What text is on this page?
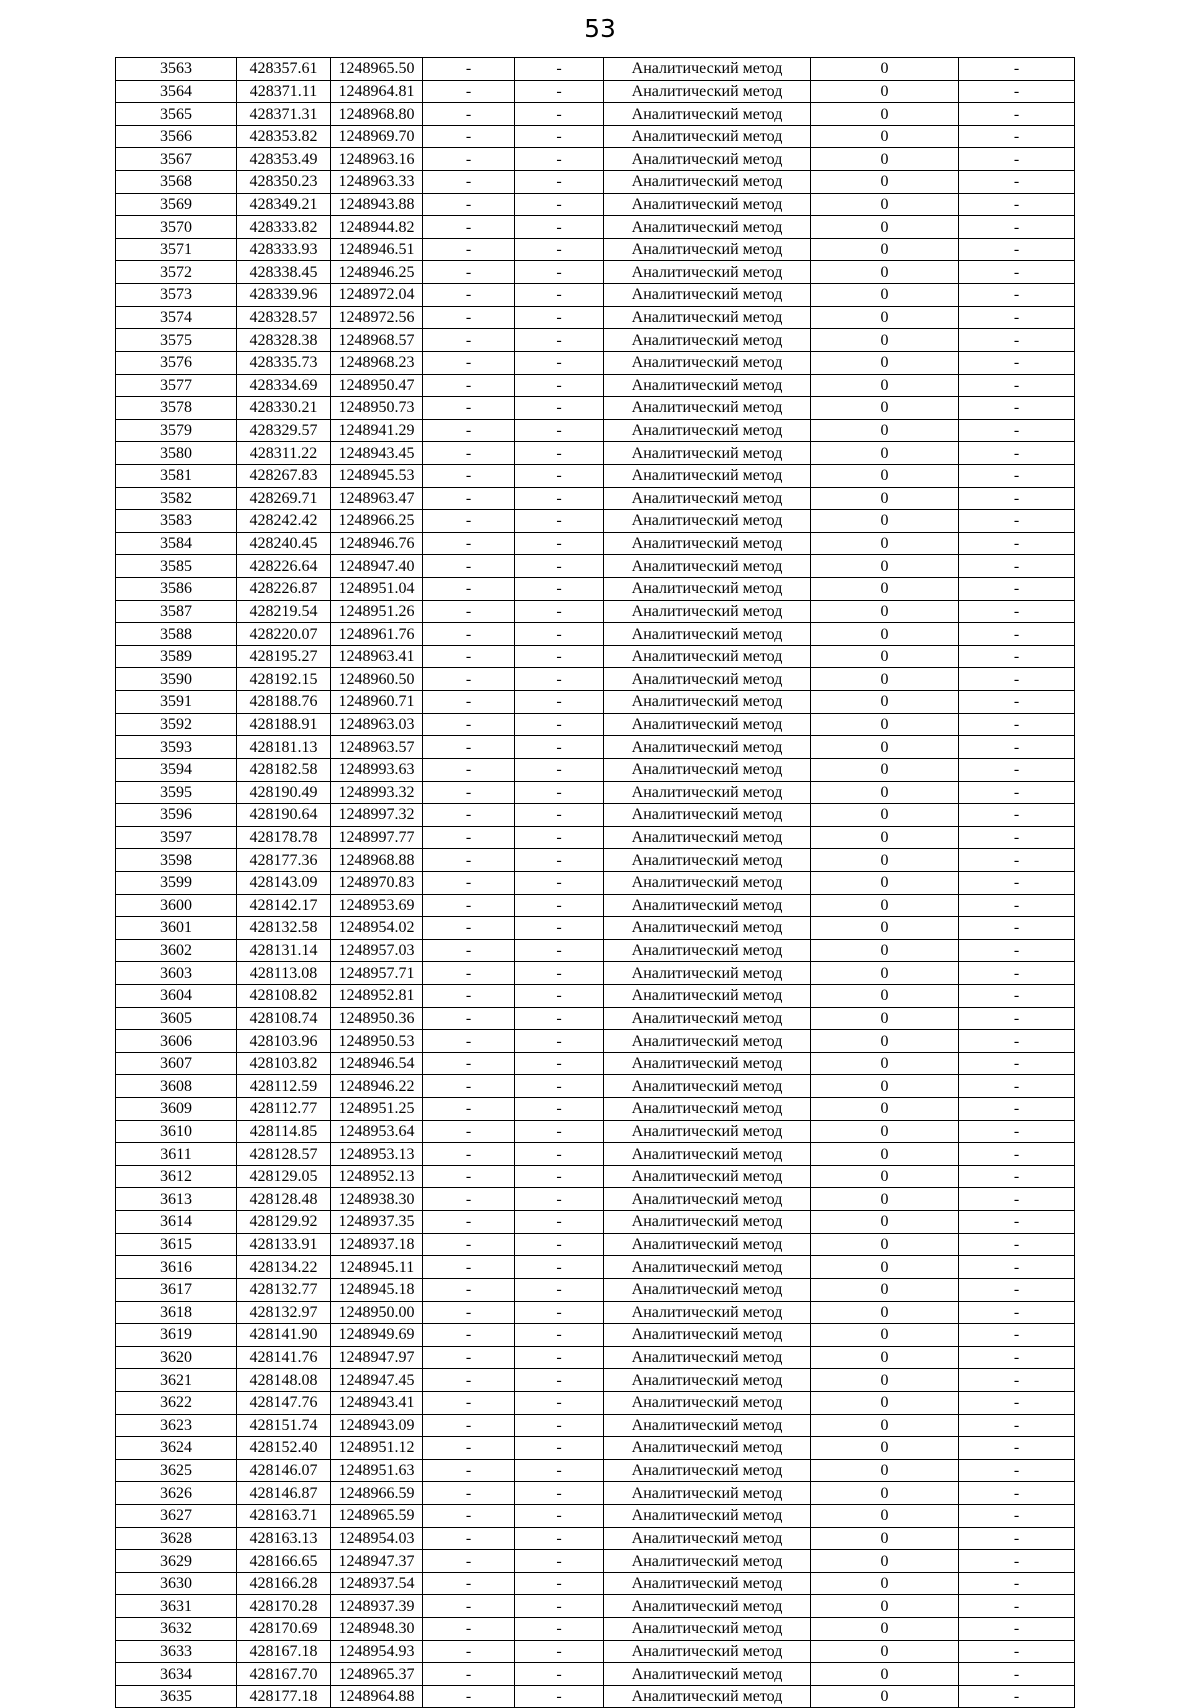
53
3563	428357.61	1248965.50	-	-	Аналитический метод	0	-
3564	428371.11	1248964.81	-	-	Аналитический метод	0	-
3565	428371.31	1248968.80	-	-	Аналитический метод	0	-
3566	428353.82	1248969.70	-	-	Аналитический метод	0	-
3567	428353.49	1248963.16	-	-	Аналитический метод	0	-
3568	428350.23	1248963.33	-	-	Аналитический метод	0	-
3569	428349.21	1248943.88	-	-	Аналитический метод	0	-
3570	428333.82	1248944.82	-	-	Аналитический метод	0	-
3571	428333.93	1248946.51	-	-	Аналитический метод	0	-
3572	428338.45	1248946.25	-	-	Аналитический метод	0	-
3573	428339.96	1248972.04	-	-	Аналитический метод	0	-
3574	428328.57	1248972.56	-	-	Аналитический метод	0	-
3575	428328.38	1248968.57	-	-	Аналитический метод	0	-
3576	428335.73	1248968.23	-	-	Аналитический метод	0	-
3577	428334.69	1248950.47	-	-	Аналитический метод	0	-
3578	428330.21	1248950.73	-	-	Аналитический метод	0	-
3579	428329.57	1248941.29	-	-	Аналитический метод	0	-
3580	428311.22	1248943.45	-	-	Аналитический метод	0	-
3581	428267.83	1248945.53	-	-	Аналитический метод	0	-
3582	428269.71	1248963.47	-	-	Аналитический метод	0	-
3583	428242.42	1248966.25	-	-	Аналитический метод	0	-
3584	428240.45	1248946.76	-	-	Аналитический метод	0	-
3585	428226.64	1248947.40	-	-	Аналитический метод	0	-
3586	428226.87	1248951.04	-	-	Аналитический метод	0	-
3587	428219.54	1248951.26	-	-	Аналитический метод	0	-
3588	428220.07	1248961.76	-	-	Аналитический метод	0	-
3589	428195.27	1248963.41	-	-	Аналитический метод	0	-
3590	428192.15	1248960.50	-	-	Аналитический метод	0	-
3591	428188.76	1248960.71	-	-	Аналитический метод	0	-
3592	428188.91	1248963.03	-	-	Аналитический метод	0	-
3593	428181.13	1248963.57	-	-	Аналитический метод	0	-
3594	428182.58	1248993.63	-	-	Аналитический метод	0	-
3595	428190.49	1248993.32	-	-	Аналитический метод	0	-
3596	428190.64	1248997.32	-	-	Аналитический метод	0	-
3597	428178.78	1248997.77	-	-	Аналитический метод	0	-
3598	428177.36	1248968.88	-	-	Аналитический метод	0	-
3599	428143.09	1248970.83	-	-	Аналитический метод	0	-
3600	428142.17	1248953.69	-	-	Аналитический метод	0	-
3601	428132.58	1248954.02	-	-	Аналитический метод	0	-
3602	428131.14	1248957.03	-	-	Аналитический метод	0	-
3603	428113.08	1248957.71	-	-	Аналитический метод	0	-
3604	428108.82	1248952.81	-	-	Аналитический метод	0	-
3605	428108.74	1248950.36	-	-	Аналитический метод	0	-
3606	428103.96	1248950.53	-	-	Аналитический метод	0	-
3607	428103.82	1248946.54	-	-	Аналитический метод	0	-
3608	428112.59	1248946.22	-	-	Аналитический метод	0	-
3609	428112.77	1248951.25	-	-	Аналитический метод	0	-
3610	428114.85	1248953.64	-	-	Аналитический метод	0	-
3611	428128.57	1248953.13	-	-	Аналитический метод	0	-
3612	428129.05	1248952.13	-	-	Аналитический метод	0	-
3613	428128.48	1248938.30	-	-	Аналитический метод	0	-
3614	428129.92	1248937.35	-	-	Аналитический метод	0	-
3615	428133.91	1248937.18	-	-	Аналитический метод	0	-
3616	428134.22	1248945.11	-	-	Аналитический метод	0	-
3617	428132.77	1248945.18	-	-	Аналитический метод	0	-
3618	428132.97	1248950.00	-	-	Аналитический метод	0	-
3619	428141.90	1248949.69	-	-	Аналитический метод	0	-
3620	428141.76	1248947.97	-	-	Аналитический метод	0	-
3621	428148.08	1248947.45	-	-	Аналитический метод	0	-
3622	428147.76	1248943.41	-	-	Аналитический метод	0	-
3623	428151.74	1248943.09	-	-	Аналитический метод	0	-
3624	428152.40	1248951.12	-	-	Аналитический метод	0	-
3625	428146.07	1248951.63	-	-	Аналитический метод	0	-
3626	428146.87	1248966.59	-	-	Аналитический метод	0	-
3627	428163.71	1248965.59	-	-	Аналитический метод	0	-
3628	428163.13	1248954.03	-	-	Аналитический метод	0	-
3629	428166.65	1248947.37	-	-	Аналитический метод	0	-
3630	428166.28	1248937.54	-	-	Аналитический метод	0	-
3631	428170.28	1248937.39	-	-	Аналитический метод	0	-
3632	428170.69	1248948.30	-	-	Аналитический метод	0	-
3633	428167.18	1248954.93	-	-	Аналитический метод	0	-
3634	428167.70	1248965.37	-	-	Аналитический метод	0	-
3635	428177.18	1248964.88	-	-	Аналитический метод	0	-
